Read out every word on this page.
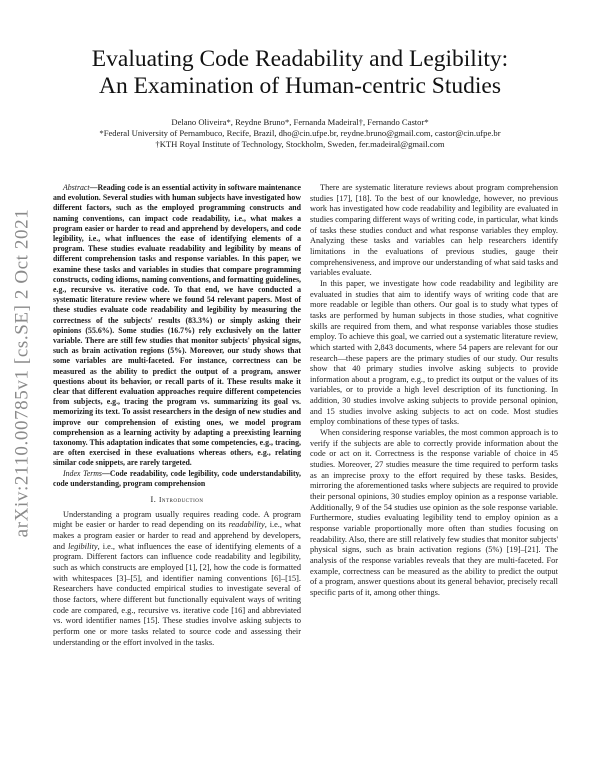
arXiv:2110.00785v1 [cs.SE] 2 Oct 2021
Evaluating Code Readability and Legibility:
An Examination of Human-centric Studies
Delano Oliveira*, Reydne Bruno*, Fernanda Madeiral†, Fernando Castor*
*Federal University of Pernambuco, Recife, Brazil, dho@cin.ufpe.br, reydne.bruno@gmail.com, castor@cin.ufpe.br
†KTH Royal Institute of Technology, Stockholm, Sweden, fer.madeiral@gmail.com

Abstract—Reading code is an essential activity in software maintenance and evolution. Several studies with human subjects have investigated how different factors, such as the employed programming constructs and naming conventions, can impact code readability, i.e., what makes a program easier or harder to read and apprehend by developers, and code legibility, i.e., what influences the ease of identifying elements of a program. These studies evaluate readability and legibility by means of different comprehension tasks and response variables. In this paper, we examine these tasks and variables in studies that compare programming constructs, coding idioms, naming conventions, and formatting guidelines, e.g., recursive vs. iterative code. To that end, we have conducted a systematic literature review where we found 54 relevant papers. Most of these studies evaluate code readability and legibility by measuring the correctness of the subjects' results (83.3%) or simply asking their opinions (55.6%). Some studies (16.7%) rely exclusively on the latter variable. There are still few studies that monitor subjects' physical signs, such as brain activation regions (5%). Moreover, our study shows that some variables are multi-faceted. For instance, correctness can be measured as the ability to predict the output of a program, answer questions about its behavior, or recall parts of it. These results make it clear that different evaluation approaches require different competencies from subjects, e.g., tracing the program vs. summarizing its goal vs. memorizing its text. To assist researchers in the design of new studies and improve our comprehension of existing ones, we model program comprehension as a learning activity by adapting a preexisting learning taxonomy. This adaptation indicates that some competencies, e.g., tracing, are often exercised in these evaluations whereas others, e.g., relating similar code snippets, are rarely targeted.

Index Terms—Code readability, code legibility, code understandability, code understanding, program comprehension

I. Introduction

Understanding a program usually requires reading code. A program might be easier or harder to read depending on its readability, i.e., what makes a program easier or harder to read and apprehend by developers, and legibility, i.e., what influences the ease of identifying elements of a program. Different factors can influence code readability and legibility, such as which constructs are employed [1], [2], how the code is formatted with whitespaces [3]–[5], and identifier naming conventions [6]–[15]. Researchers have conducted empirical studies to investigate several of those factors, where different but functionally equivalent ways of writing code are compared, e.g., recursive vs. iterative code [16] and abbreviated vs. word identifier names [15]. These studies involve asking subjects to perform one or more tasks related to source code and assessing their understanding or the effort involved in the tasks.

There are systematic literature reviews about program comprehension studies [17], [18]. To the best of our knowledge, however, no previous work has investigated how code readability and legibility are evaluated in studies comparing different ways of writing code, in particular, what kinds of tasks these studies conduct and what response variables they employ. Analyzing these tasks and variables can help researchers identify limitations in the evaluations of previous studies, gauge their comprehensiveness, and improve our understanding of what said tasks and variables evaluate.

In this paper, we investigate how code readability and legibility are evaluated in studies that aim to identify ways of writing code that are more readable or legible than others. Our goal is to study what types of tasks are performed by human subjects in those studies, what cognitive skills are required from them, and what response variables those studies employ. To achieve this goal, we carried out a systematic literature review, which started with 2,843 documents, where 54 papers are relevant for our research—these papers are the primary studies of our study. Our results show that 40 primary studies involve asking subjects to provide information about a program, e.g., to predict its output or the values of its variables, or to provide a high level description of its functioning. In addition, 30 studies involve asking subjects to provide personal opinion, and 15 studies involve asking subjects to act on code. Most studies employ combinations of these types of tasks.

When considering response variables, the most common approach is to verify if the subjects are able to correctly provide information about the code or act on it. Correctness is the response variable of choice in 45 studies. Moreover, 27 studies measure the time required to perform tasks as an imprecise proxy to the effort required by these tasks. Besides, mirroring the aforementioned tasks where subjects are required to provide their personal opinions, 30 studies employ opinion as a response variable. Additionally, 9 of the 54 studies use opinion as the sole response variable. Furthermore, studies evaluating legibility tend to employ opinion as a response variable proportionally more often than studies focusing on readability. Also, there are still relatively few studies that monitor subjects' physical signs, such as brain activation regions (5%) [19]–[21]. The analysis of the response variables reveals that they are multi-faceted. For example, correctness can be measured as the ability to predict the output of a program, answer questions about its general behavior, precisely recall specific parts of it, among other things.
